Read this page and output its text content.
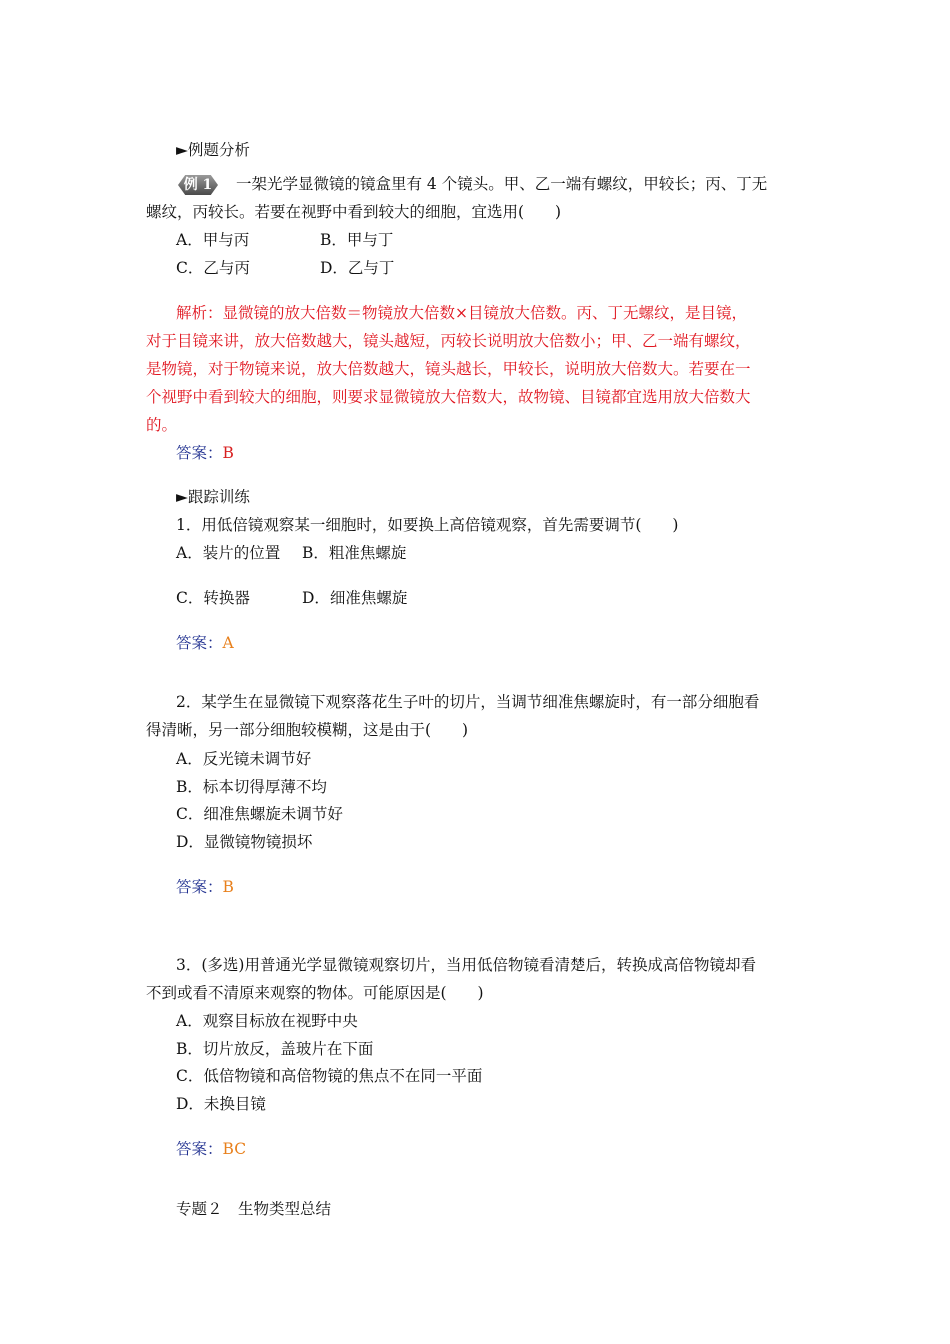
►例题分析
例 1	一架光学显微镜的镜盒里有 4 个镜头。甲、乙一端有螺纹，甲较长；丙、丁无
螺纹，丙较长。若要在视野中看到较大的细胞，宜选用(　　)
A．甲与丙	B．甲与丁
C．乙与丙	D．乙与丁
解析：显微镜的放大倍数＝物镜放大倍数×目镜放大倍数。丙、丁无螺纹，是目镜，
对于目镜来讲，放大倍数越大，镜头越短，丙较长说明放大倍数小；甲、乙一端有螺纹，
是物镜，对于物镜来说，放大倍数越大，镜头越长，甲较长，说明放大倍数大。若要在一
个视野中看到较大的细胞，则要求显微镜放大倍数大，故物镜、目镜都宜选用放大倍数大
的。
答案：B
►跟踪训练
1．用低倍镜观察某一细胞时，如要换上高倍镜观察，首先需要调节(　　)
A．装片的位置 B．粗准焦螺旋
C．转换器	D．细准焦螺旋
答案：A
2．某学生在显微镜下观察落花生子叶的切片，当调节细准焦螺旋时，有一部分细胞看
得清晰，另一部分细胞较模糊，这是由于(　　)
A．反光镜未调节好
B．标本切得厚薄不均
C．细准焦螺旋未调节好
D．显微镜物镜损坏
答案：B
3．(多选)用普通光学显微镜观察切片，当用低倍物镜看清楚后，转换成高倍物镜却看
不到或看不清原来观察的物体。可能原因是(　　)
A．观察目标放在视野中央
B．切片放反，盖玻片在下面
C．低倍物镜和高倍物镜的焦点不在同一平面
D．未换目镜
答案：BC
专题２　生物类型总结
